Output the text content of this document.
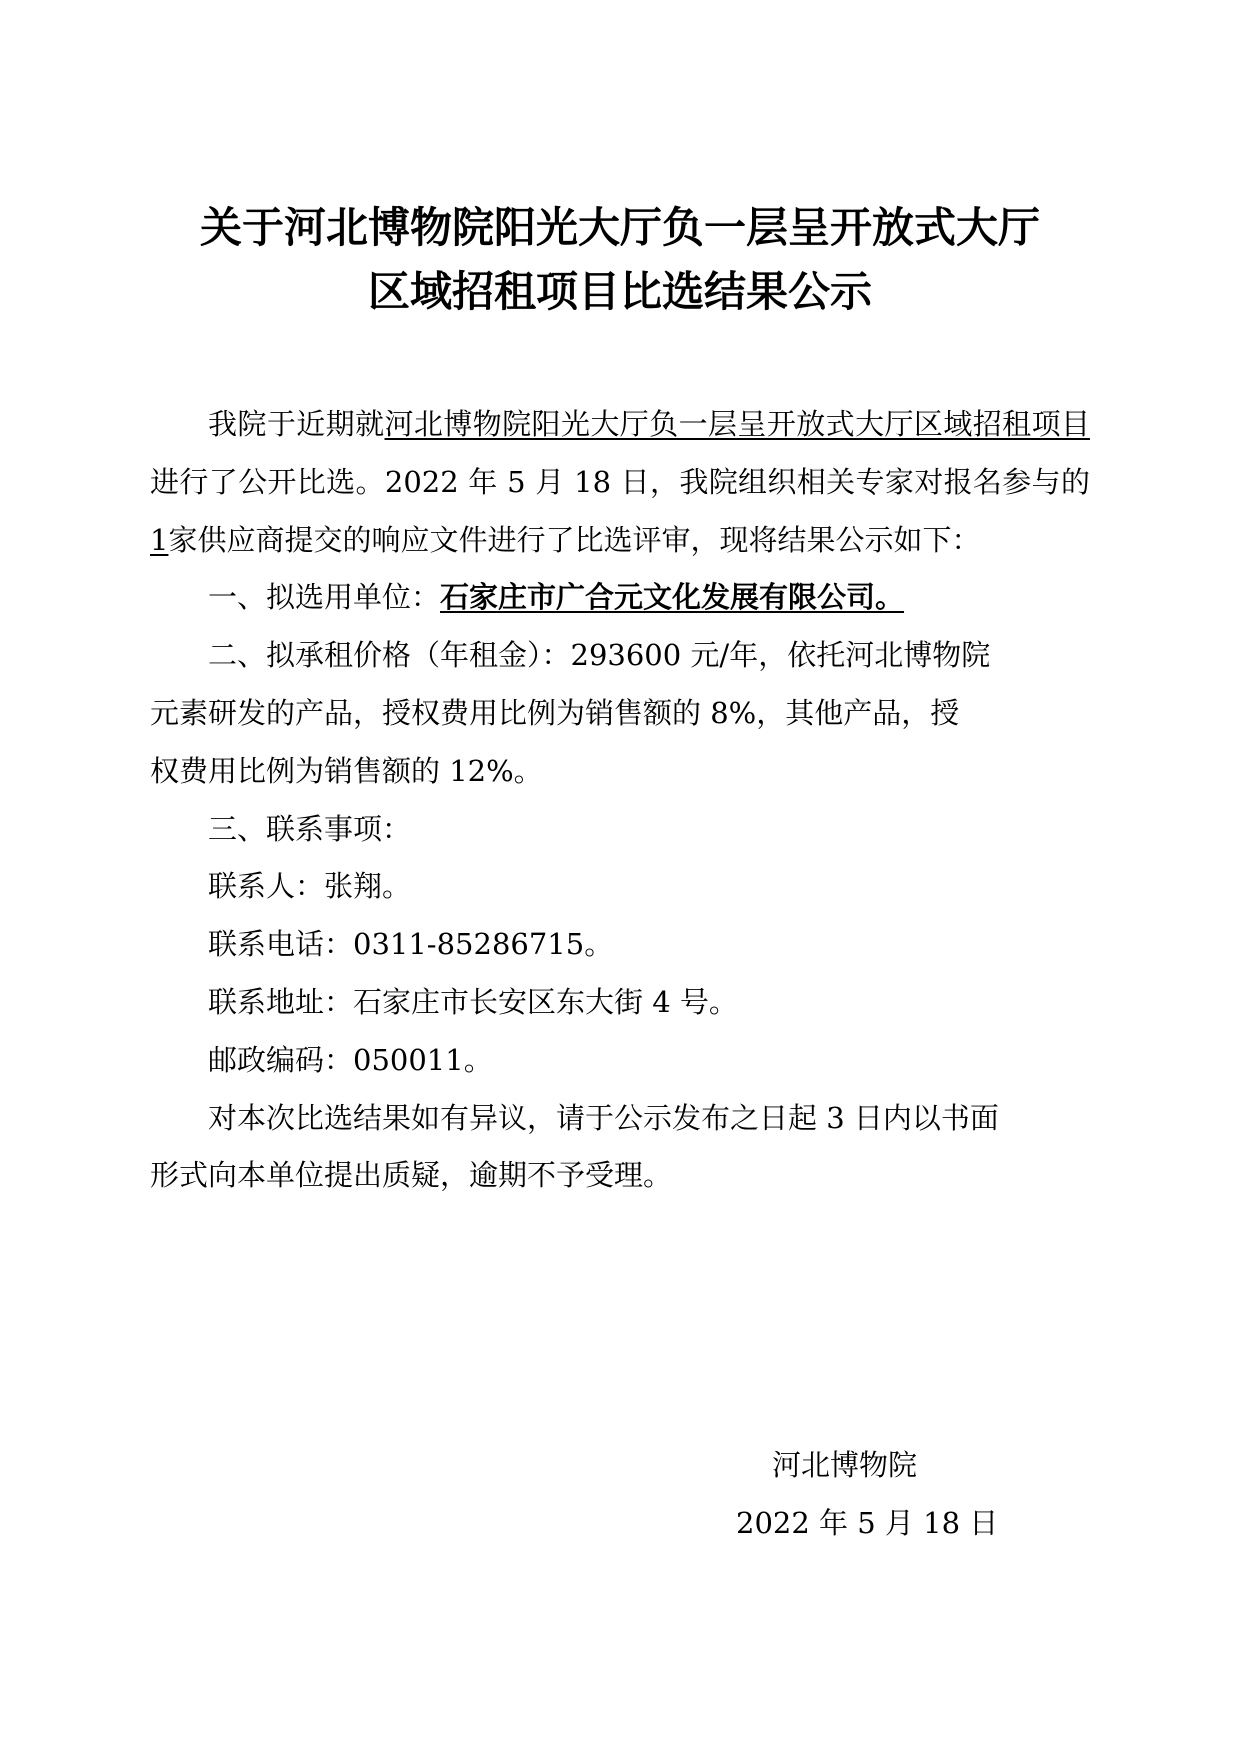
关于河北博物院阳光大厅负一层呈开放式大厅
区域招租项目比选结果公示
我院于近期就河北博物院阳光大厅负一层呈开放式大厅区域招租项目进行了公开比选。2022 年 5 月 18 日，我院组织相关专家对报名参与的1家供应商提交的响应文件进行了比选评审，现将结果公示如下：
一、拟选用单位：石家庄市广合元文化发展有限公司。
二、拟承租价格（年租金）：293600 元/年，依托河北博物院
元素研发的产品，授权费用比例为销售额的 8%，其他产品，授
权费用比例为销售额的 12%。
三、联系事项：
联系人：张翔。
联系电话：0311-85286715。
联系地址：石家庄市长安区东大街 4 号。
邮政编码：050011。
对本次比选结果如有异议，请于公示发布之日起 3 日内以书面
形式向本单位提出质疑，逾期不予受理。
河北博物院
2022 年 5 月 18 日
